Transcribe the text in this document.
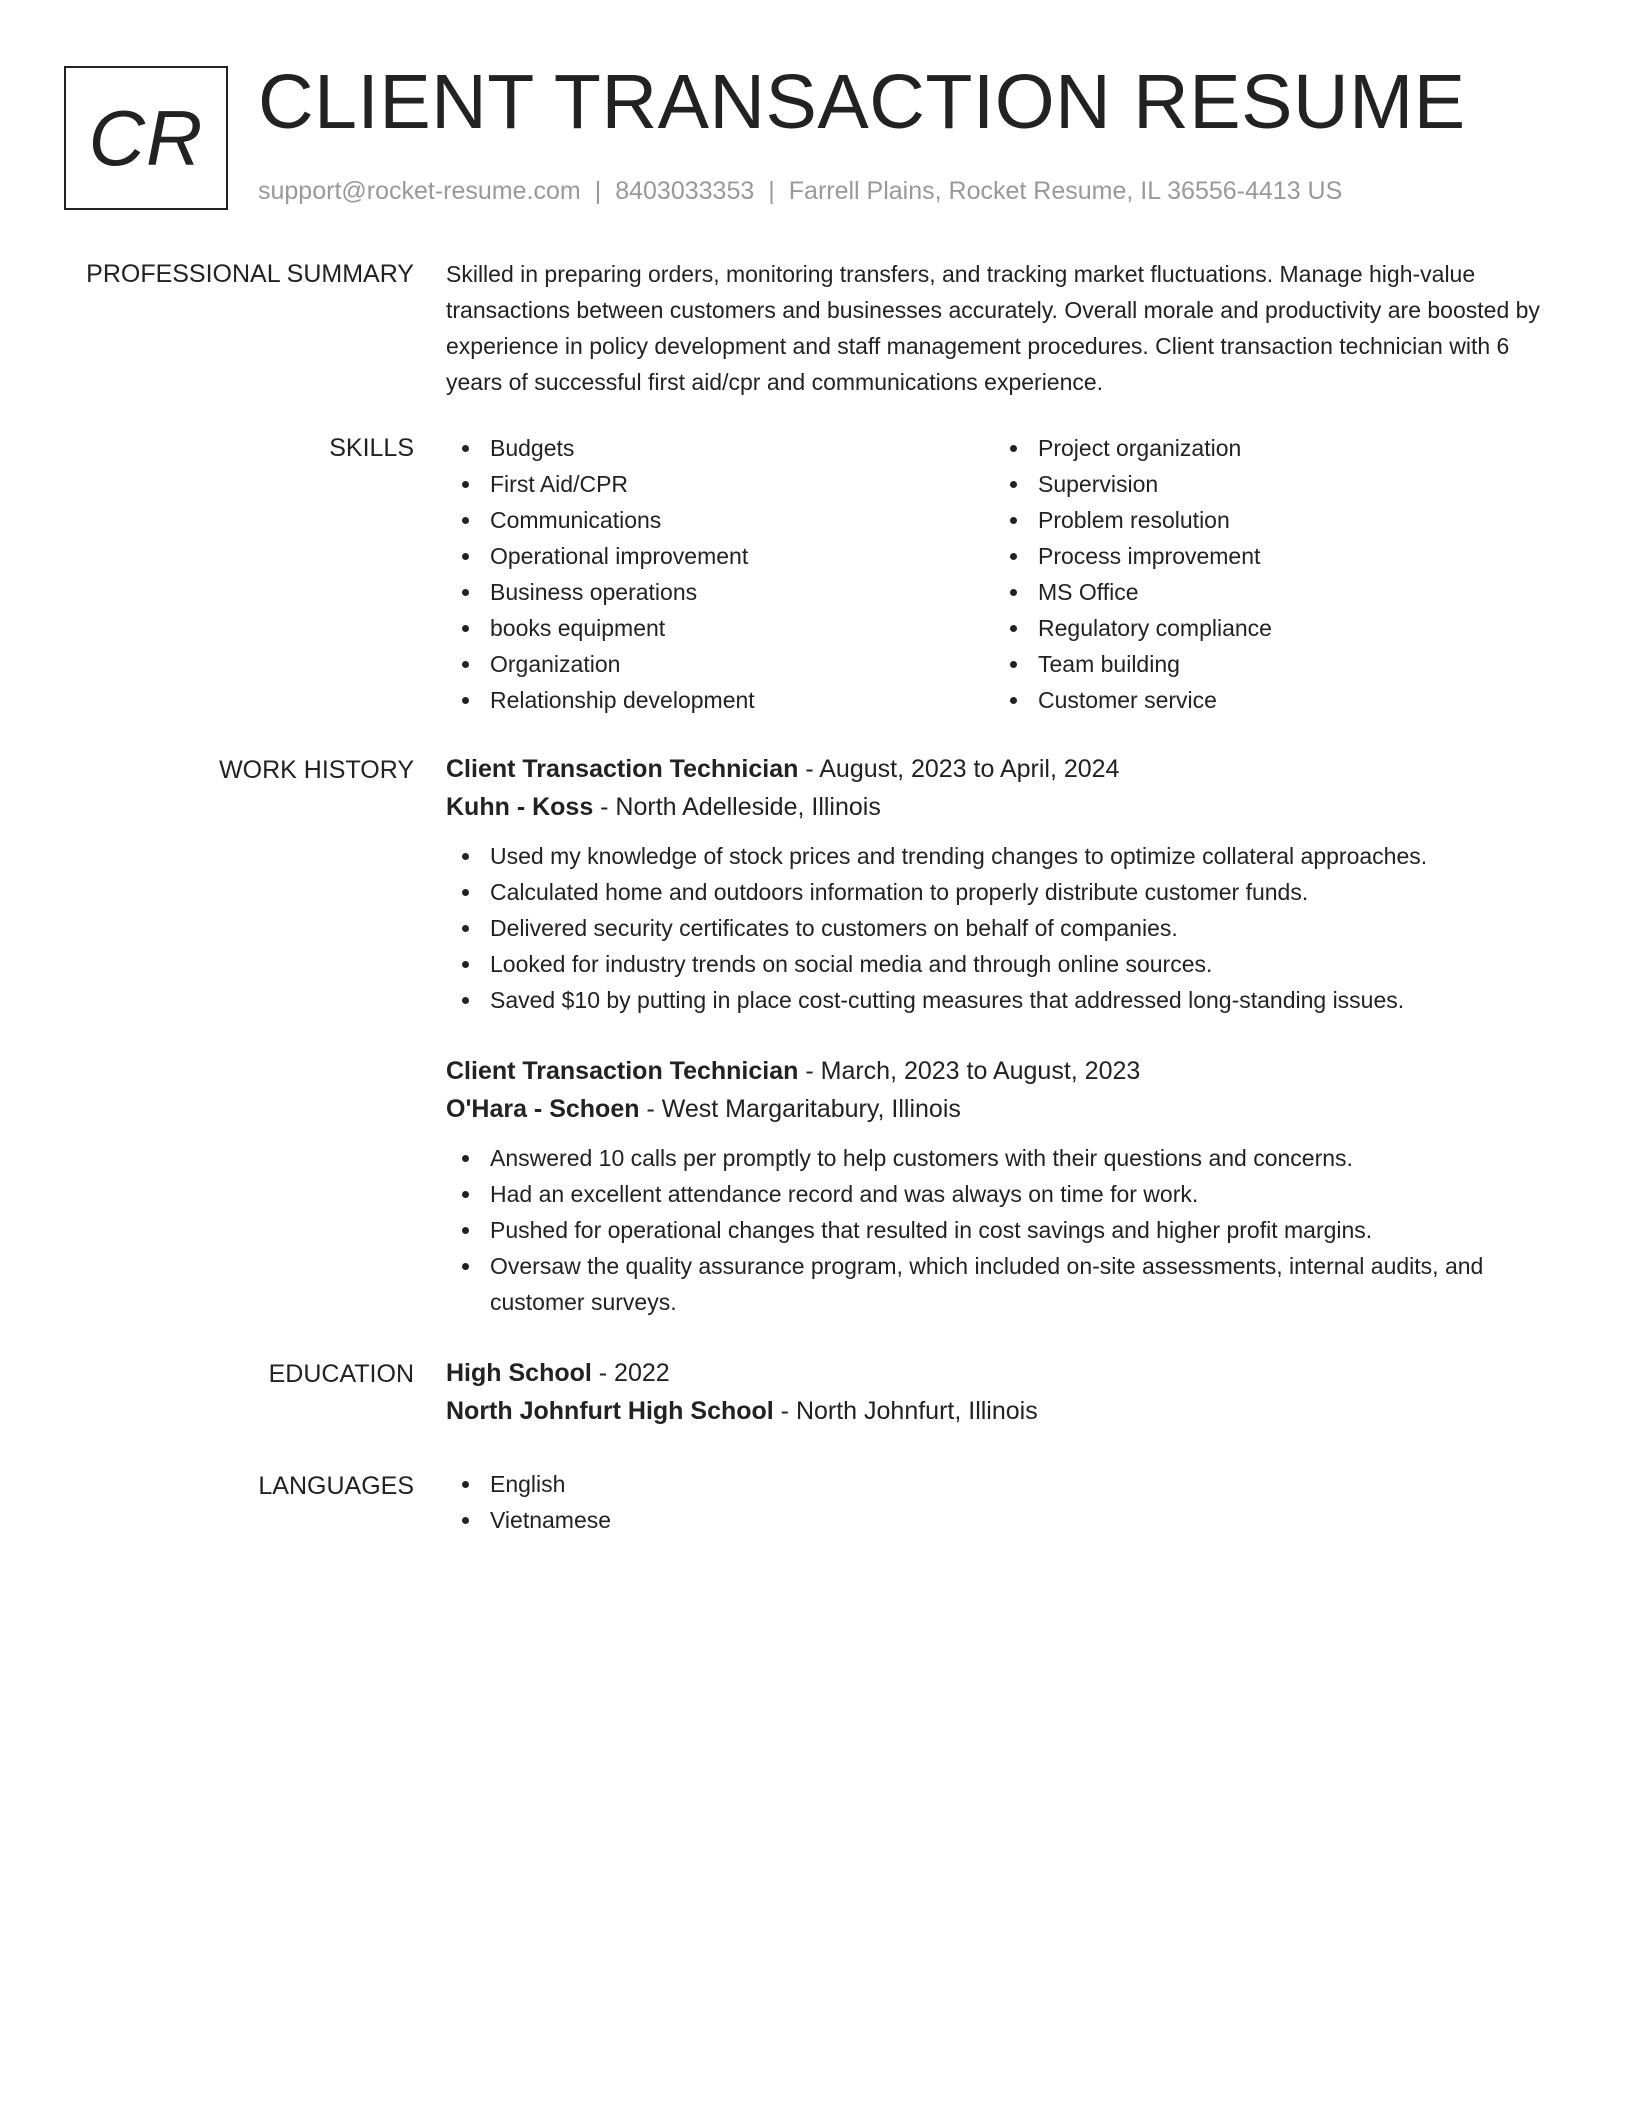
CR CLIENT TRANSACTION RESUME
support@rocket-resume.com | 8403033353 | Farrell Plains, Rocket Resume, IL 36556-4413 US
PROFESSIONAL SUMMARY Skilled in preparing orders, monitoring transfers, and tracking market fluctuations. Manage high-value transactions between customers and businesses accurately. Overall morale and productivity are boosted by experience in policy development and staff management procedures. Client transaction technician with 6 years of successful first aid/cpr and communications experience.
SKILLS	Budgets
First Aid/CPR
Communications
Operational improvement
Business operations
books equipment
Organization
Relationship development
Project organization
Supervision
Problem resolution
Process improvement
MS Office
Regulatory compliance
Team building
Customer service
WORK HISTORY Client Transaction Technician - August, 2023 to April, 2024
Kuhn - Koss - North Adelleside, Illinois
Used my knowledge of stock prices and trending changes to optimize collateral approaches.
Calculated home and outdoors information to properly distribute customer funds.
Delivered security certificates to customers on behalf of companies.
Looked for industry trends on social media and through online sources.
Saved $10 by putting in place cost-cutting measures that addressed long-standing issues.
Client Transaction Technician - March, 2023 to August, 2023
O'Hara - Schoen - West Margaritabury, Illinois
Answered 10 calls per promptly to help customers with their questions and concerns.
Had an excellent attendance record and was always on time for work.
Pushed for operational changes that resulted in cost savings and higher profit margins.
Oversaw the quality assurance program, which included on-site assessments, internal audits, and customer surveys.
EDUCATION High School - 2022
North Johnfurt High School - North Johnfurt, Illinois
LANGUAGES	English
Vietnamese
